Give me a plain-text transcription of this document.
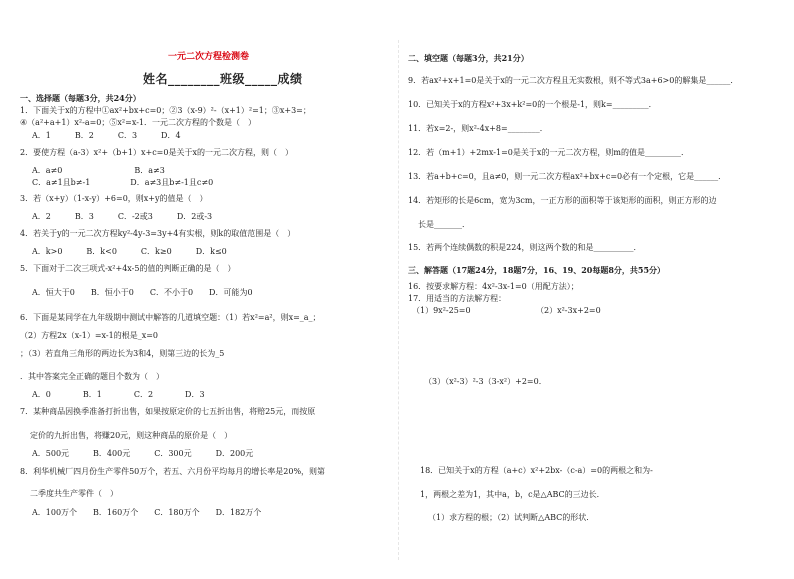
一元二次方程检测卷
姓名________班级_____成绩
一、选择题（每题3分，共24分）
1．下面关于x的方程中①ax²+bx+c=0；②3（x-9）²-（x+1）²=1；③x+3=；
④（a²+a+1）x²-a=0；⑤x²=x-1．一元二次方程的个数是（　）
A．1　　　B．2　　　C．3　　　D．4
2．要使方程（a-3）x²+（b+1）x+c=0是关于x的一元二次方程，则（　）
A．a≠0　　　　　　　　　B．a≠3
C．a≠1且b≠-1　　　　　D．a≠3且b≠-1且c≠0
3．若（x+y）（1-x-y）+6=0，则x+y的值是（　）
A．2　　　B．3　　　C．-2或3　　　D．2或-3
4．若关于y的一元二次方程ky²-4y-3=3y+4有实根，则k的取值范围是（　）
A．k>0　　　B．k<0　　　C．k≥0　　　D．k≤0
5．下面对于二次三项式-x²+4x-5的值的判断正确的是（　）
A．恒大于0　　B．恒小于0　　C．不小于0　　D．可能为0
6．下面是某同学在九年级期中测试中解答的几道填空题：（1）若x²=a²，则x=_a_；
（2）方程2x（x-1）=x-1的根是_x=0
；（3）若直角三角形的两边长为3和4，则第三边的长为_5
．其中答案完全正确的题目个数为（　）
A．0　　　　B．1　　　　C．2　　　　D．3
7．某种商品因换季准备打折出售，如果按原定价的七五折出售，将赔25元，而按原
定价的九折出售，将赚20元，则这种商品的原价是（　）
A．500元　　　B．400元　　　C．300元　　　D．200元
8．利华机械厂四月份生产零件50万个，若五、六月份平均每月的增长率是20%，则第
二季度共生产零件（　）
A．100万个　　B．160万个　　C．180万个　　D．182万个
二、填空题（每题3分，共21分）
9．若ax²+x+1=0是关于x的一元二次方程且无实数根，则不等式3a+6>0的解集是______．
10．已知关于x的方程x²+3x+k²=0的一个根是-1，则k=_________．
11．若x=2-，则x²-4x+8=________．
12．若（m+1）+2mx-1=0是关于x的一元二次方程，则m的值是_________．
13．若a+b+c=0，且a≠0，则一元二次方程ax²+bx+c=0必有一个定根，它是______．
14．若矩形的长是6cm，宽为3cm，一正方形的面积等于该矩形的面积，则正方形的边
长是_______．
15．若两个连续偶数的积是224，则这两个数的和是__________．
三、解答题（17题24分，18题7分，16、19、20每题8分，共55分）
16．按要求解方程：4x²-3x-1=0（用配方法）；
17．用适当的方法解方程：
（1）9x²-25=0	（2）x²-3x+2=0
（3）（x²-3）²-3（3-x²）+2=0．
18．已知关于x的方程（a+c）x²+2bx-（c-a）=0的两根之和为-
1，两根之差为1，其中a，b，c是△ABC的三边长．
（1）求方程的根；（2）试判断△ABC的形状．
